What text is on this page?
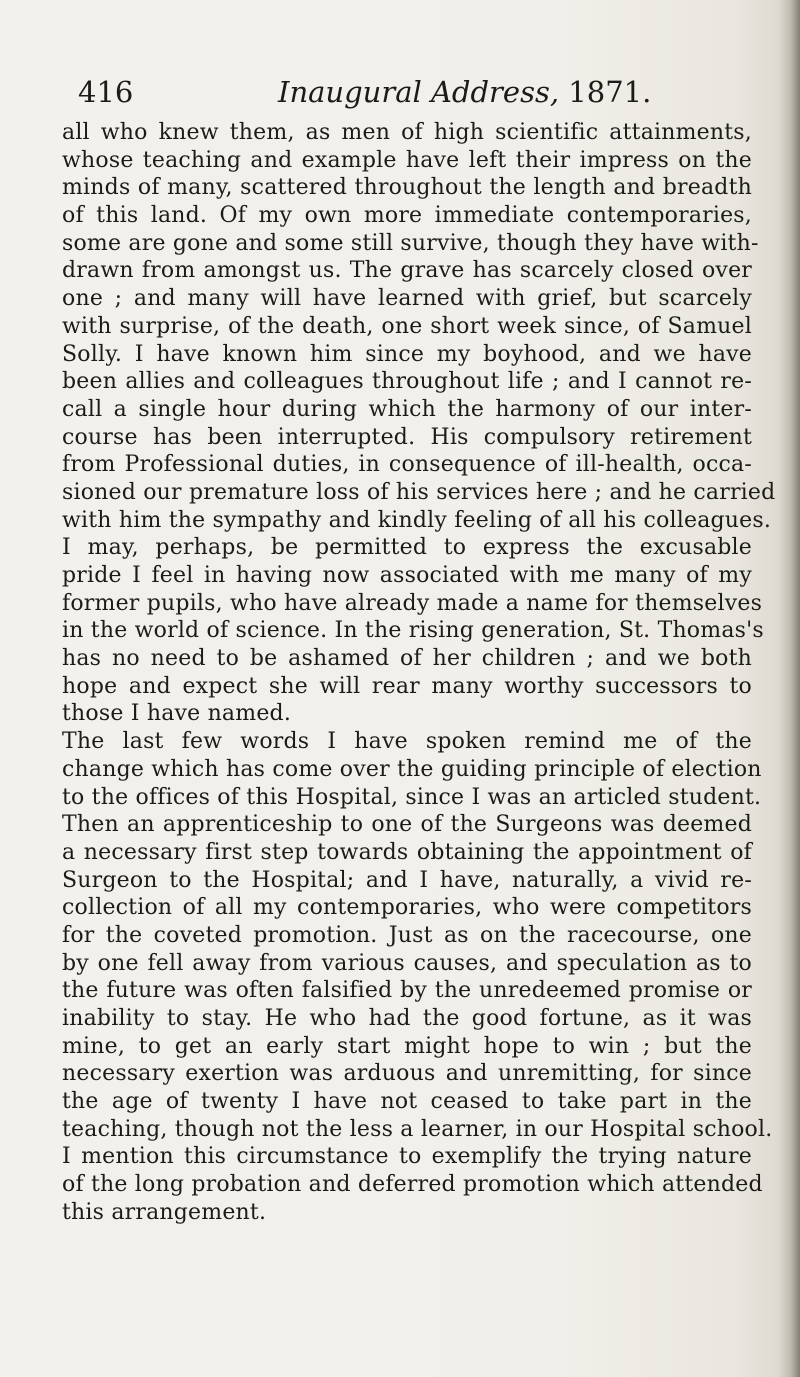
416	Inaugural Address, 1871.
all who knew them, as men of high scientific attainments,
whose teaching and example have left their impress on the
minds of many, scattered throughout the length and breadth
of this land. Of my own more immediate contemporaries,
some are gone and some still survive, though they have with-
drawn from amongst us. The grave has scarcely closed over
one ; and many will have learned with grief, but scarcely
with surprise, of the death, one short week since, of Samuel
Solly. I have known him since my boyhood, and we have
been allies and colleagues throughout life ; and I cannot re-
call a single hour during which the harmony of our inter-
course has been interrupted. His compulsory retirement
from Professional duties, in consequence of ill-health, occa-
sioned our premature loss of his services here ; and he carried
with him the sympathy and kindly feeling of all his colleagues.
I may, perhaps, be permitted to express the excusable
pride I feel in having now associated with me many of my
former pupils, who have already made a name for themselves
in the world of science. In the rising generation, St. Thomas's
has no need to be ashamed of her children ; and we both
hope and expect she will rear many worthy successors to
those I have named.
The last few words I have spoken remind me of the
change which has come over the guiding principle of election
to the offices of this Hospital, since I was an articled student.
Then an apprenticeship to one of the Surgeons was deemed
a necessary first step towards obtaining the appointment of
Surgeon to the Hospital; and I have, naturally, a vivid re-
collection of all my contemporaries, who were competitors
for the coveted promotion. Just as on the racecourse, one
by one fell away from various causes, and speculation as to
the future was often falsified by the unredeemed promise or
inability to stay. He who had the good fortune, as it was
mine, to get an early start might hope to win ; but the
necessary exertion was arduous and unremitting, for since
the age of twenty I have not ceased to take part in the
teaching, though not the less a learner, in our Hospital school.
I mention this circumstance to exemplify the trying nature
of the long probation and deferred promotion which attended
this arrangement.
